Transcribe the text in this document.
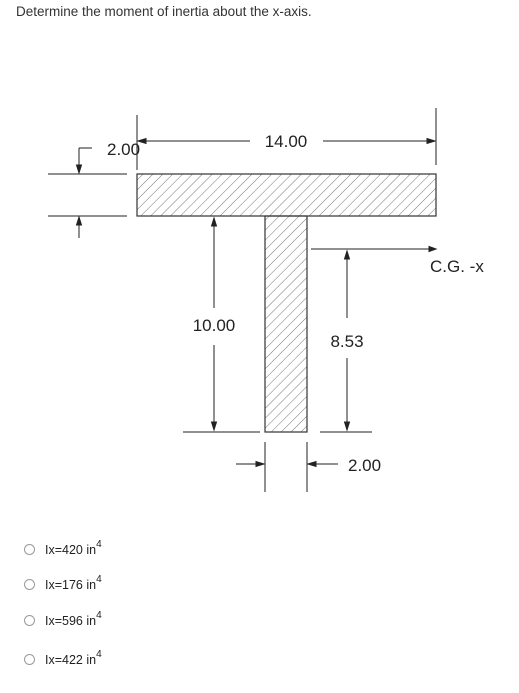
Determine the moment of inertia about the x-axis.
14.00
2.00
10.00
C.G. -x
8.53
2.00
Ix=420 $in^4$
Ix=176 $in^4$
Ix=596 $in^4$
Ix=422 $in^4$
